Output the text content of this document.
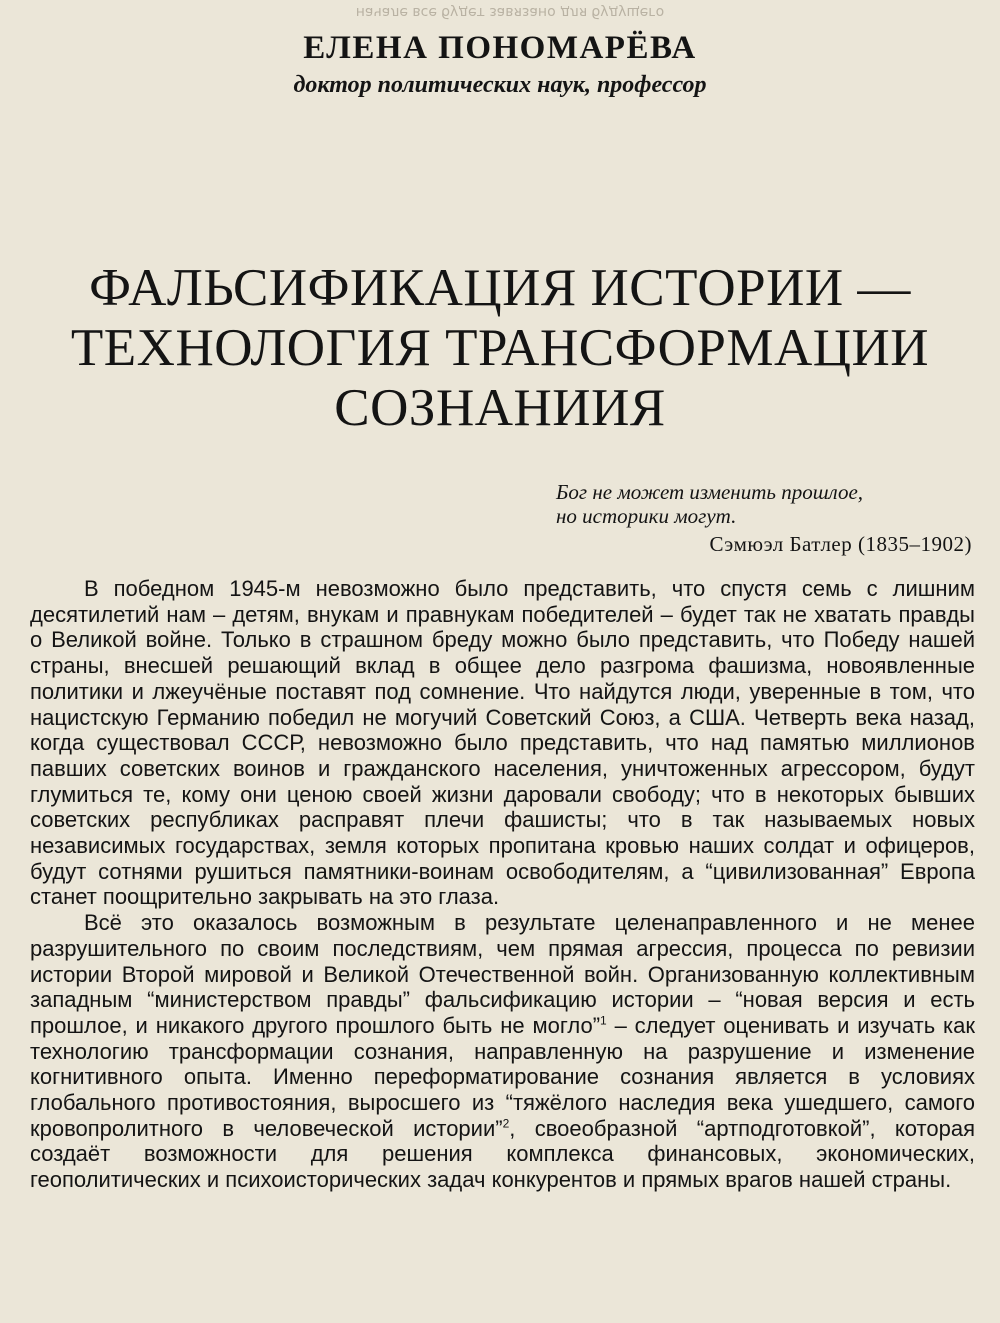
начале все будет завязано для будущего
ЕЛЕНА ПОНОМАРЁВА
доктор политических наук, профессор
ФАЛЬСИФИКАЦИЯ ИСТОРИИ —
ТЕХНОЛОГИЯ ТРАНСФОРМАЦИИ
СОЗНАНИИЯ
Бог не может изменить прошлое,
но историки могут.
Сэмюэл Батлер (1835–1902)

В победном 1945-м невозможно было представить, что спустя семь с лишним десятилетий нам – детям, внукам и правнукам победителей – будет так не хватать правды о Великой войне. Только в страшном бреду можно было представить, что Победу нашей страны, внесшей решающий вклад в общее дело разгрома фашизма, новоявленные политики и лжеучёные поставят под сомнение. Что найдутся люди, уверенные в том, что нацистскую Германию победил не могучий Советский Союз, а США. Четверть века назад, когда существовал СССР, невозможно было представить, что над памятью миллионов павших советских воинов и гражданского населения, уничтоженных агрессором, будут глумиться те, кому они ценою своей жизни даровали свободу; что в некоторых бывших советских республиках расправят плечи фашисты; что в так называемых новых независимых государствах, земля которых пропитана кровью наших солдат и офицеров, будут сотнями рушиться памятники-воинам освободителям, а “цивилизованная” Европа станет поощрительно закрывать на это глаза.

Всё это оказалось возможным в результате целенаправленного и не менее разрушительного по своим последствиям, чем прямая агрессия, процесса по ревизии истории Второй мировой и Великой Отечественной войн. Организованную коллективным западным “министерством правды” фальсификацию истории – “новая версия и есть прошлое, и никакого другого прошлого быть не могло”$^1$ – следует оценивать и изучать как технологию трансформации сознания, направленную на разрушение и изменение когнитивного опыта. Именно переформатирование сознания является в условиях глобального противостояния, выросшего из “тяжёлого наследия века ушедшего, самого кровопролитного в человеческой истории”$^2$, своеобразной “артподготовкой”, которая создаёт возможности для решения комплекса финансовых, экономических, геополитических и психоисторических задач конкурентов и прямых врагов нашей страны.
